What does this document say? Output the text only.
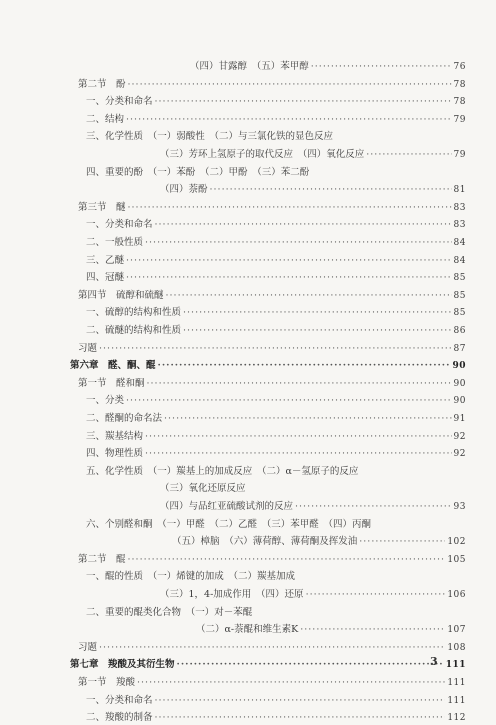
（四）甘露醇　（五）苯甲醇 ·····	76
第二节　酚 ·····	78
一、分类和命名 ·····	78
二、结构 ·····	79
三、化学性质　（一）弱酸性　（二）与三氯化铁的显色反应
（三）芳环上氢原子的取代反应　（四）氧化反应 ·····	79
四、重要的酚　（一）苯酚　（二）甲酚　（三）苯二酚
（四）萘酚 ·····	81
第三节　醚 ·····	83
一、分类和命名 ·····	83
二、一般性质 ·····	84
三、乙醚 ·····	84
四、冠醚 ·····	85
第四节　硫醇和硫醚 ·····	85
一、硫醇的结构和性质 ·····	85
二、硫醚的结构和性质 ·····	86
习题 ·····	87
第六章　醛、酮、醌 ·····	90
第一节　醛和酮 ·····	90
一、分类 ·····	90
二、醛酮的命名法 ·····	91
三、羰基结构 ·····	92
四、物理性质 ·····	92
五、化学性质　（一）羰基上的加成反应　（二）α－氢原子的反应
（三）氧化还原反应
（四）与品红亚硫酸试剂的反应 ·····	93
六、个别醛和酮　（一）甲醛　（二）乙醛　（三）苯甲醛　（四）丙酮
（五）樟脑　（六）薄荷醇、薄荷酮及挥发油 ·····	102
第二节　醌 ·····	105
一、醌的性质　（一）烯键的加成　（二）羰基加成
（三）1，4-加成作用　（四）还原 ·····	106
二、重要的醌类化合物　（一）对－苯醌
（二）α-萘醌和维生素K ·····	107
习题 ·····	108
第七章　羧酸及其衍生物 ·····	111
第一节　羧酸 ·····	111
一、分类和命名 ·····	111
二、羧酸的制备 ·····	112
3
